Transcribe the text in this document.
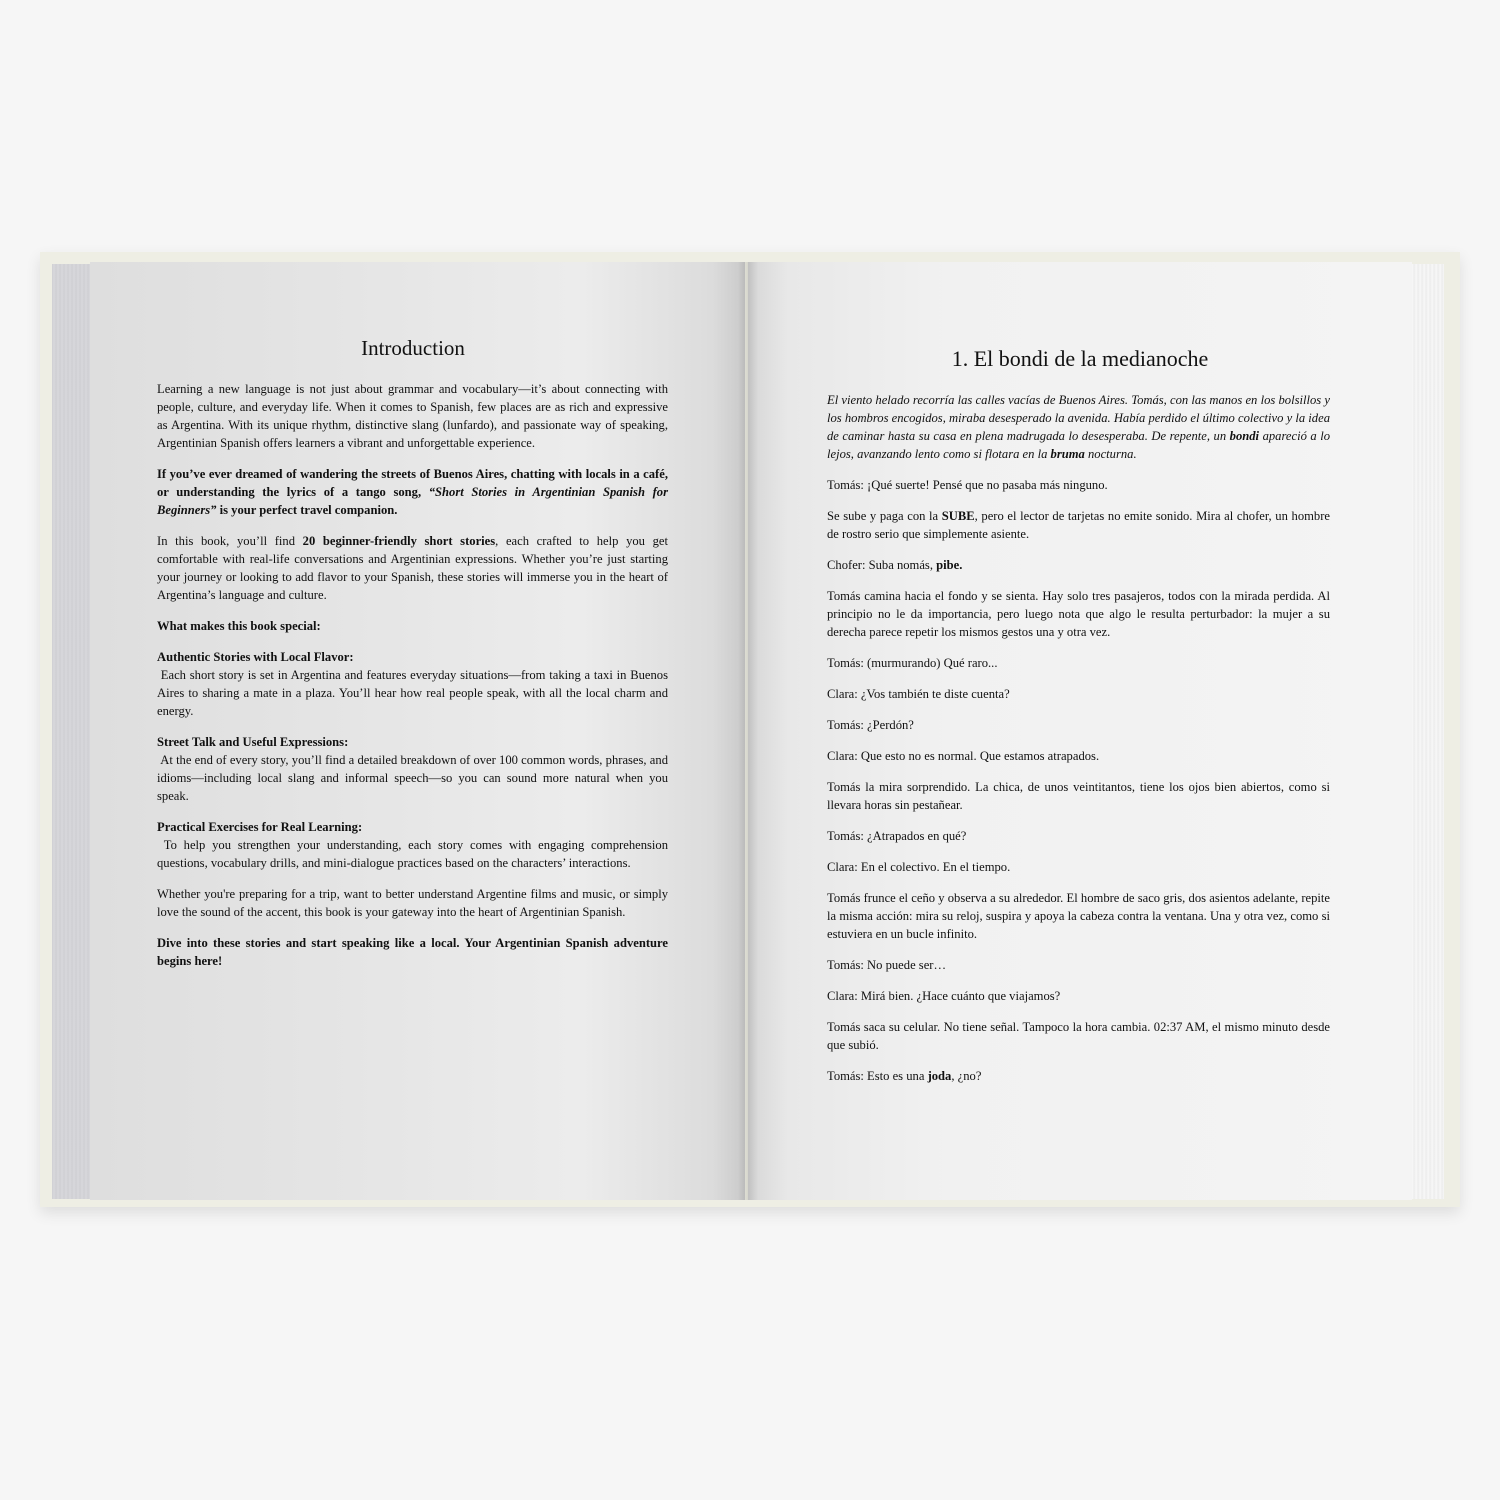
Introduction

Learning a new language is not just about grammar and vocabulary—it’s about connecting with people, culture, and everyday life. When it comes to Spanish, few places are as rich and expressive as Argentina. With its unique rhythm, distinctive slang (lunfardo), and passionate way of speaking, Argentinian Spanish offers learners a vibrant and unforgettable experience.

If you’ve ever dreamed of wandering the streets of Buenos Aires, chatting with locals in a café, or understanding the lyrics of a tango song, “Short Stories in Argentinian Spanish for Beginners” is your perfect travel companion.

In this book, you’ll find 20 beginner-friendly short stories, each crafted to help you get comfortable with real-life conversations and Argentinian expressions. Whether you’re just starting your journey or looking to add flavor to your Spanish, these stories will immerse you in the heart of Argentina’s language and culture.

What makes this book special:

Authentic Stories with Local Flavor:
Each short story is set in Argentina and features everyday situations—from taking a taxi in Buenos Aires to sharing a mate in a plaza. You’ll hear how real people speak, with all the local charm and energy.

Street Talk and Useful Expressions:
At the end of every story, you’ll find a detailed breakdown of over 100 common words, phrases, and idioms—including local slang and informal speech—so you can sound more natural when you speak.

Practical Exercises for Real Learning:
To help you strengthen your understanding, each story comes with engaging comprehension questions, vocabulary drills, and mini-dialogue practices based on the characters’ interactions.

Whether you're preparing for a trip, want to better understand Argentine films and music, or simply love the sound of the accent, this book is your gateway into the heart of Argentinian Spanish.

Dive into these stories and start speaking like a local. Your Argentinian Spanish adventure begins here!

1. El bondi de la medianoche

El viento helado recorría las calles vacías de Buenos Aires. Tomás, con las manos en los bolsillos y los hombros encogidos, miraba desesperado la avenida. Había perdido el último colectivo y la idea de caminar hasta su casa en plena madrugada lo desesperaba. De repente, un bondi apareció a lo lejos, avanzando lento como si flotara en la bruma nocturna.

Tomás: ¡Qué suerte! Pensé que no pasaba más ninguno.

Se sube y paga con la SUBE, pero el lector de tarjetas no emite sonido. Mira al chofer, un hombre de rostro serio que simplemente asiente.

Chofer: Suba nomás, pibe.

Tomás camina hacia el fondo y se sienta. Hay solo tres pasajeros, todos con la mirada perdida. Al principio no le da importancia, pero luego nota que algo le resulta perturbador: la mujer a su derecha parece repetir los mismos gestos una y otra vez.

Tomás: (murmurando) Qué raro...

Clara: ¿Vos también te diste cuenta?

Tomás: ¿Perdón?

Clara: Que esto no es normal. Que estamos atrapados.

Tomás la mira sorprendido. La chica, de unos veintitantos, tiene los ojos bien abiertos, como si llevara horas sin pestañear.

Tomás: ¿Atrapados en qué?

Clara: En el colectivo. En el tiempo.

Tomás frunce el ceño y observa a su alrededor. El hombre de saco gris, dos asientos adelante, repite la misma acción: mira su reloj, suspira y apoya la cabeza contra la ventana. Una y otra vez, como si estuviera en un bucle infinito.

Tomás: No puede ser…

Clara: Mirá bien. ¿Hace cuánto que viajamos?

Tomás saca su celular. No tiene señal. Tampoco la hora cambia. 02:37 AM, el mismo minuto desde que subió.

Tomás: Esto es una joda, ¿no?
